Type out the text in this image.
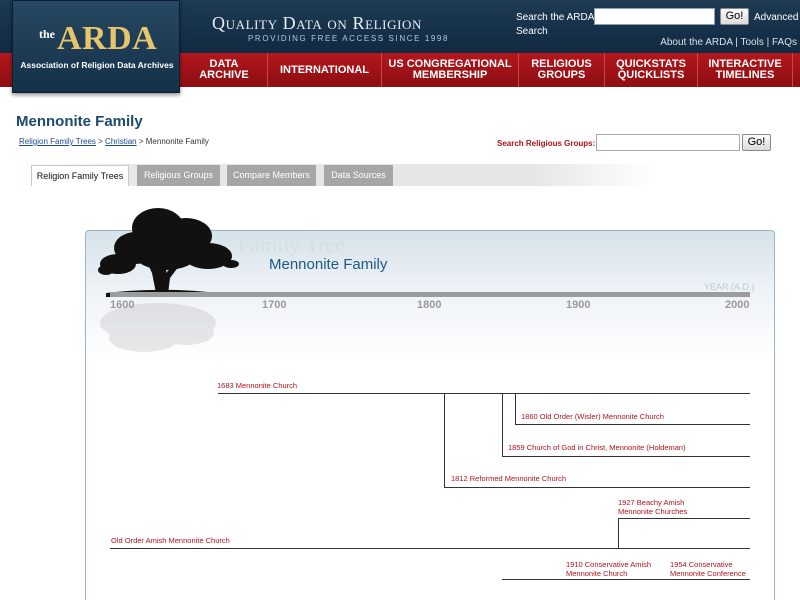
the ARDA
Association of Religion Data Archives
Quality Data on Religion
PROVIDING FREE ACCESS SINCE 1998
Search the ARDA
Search
Go!	Advanced
About the ARDA | Tools | FAQs
DATA
ARCHIVE	INTERNATIONAL US CONGREGATIONAL
MEMBERSHIP
RELIGIOUS
GROUPS
QUICKSTATS
QUICKLISTS
INTERACTIVE
TIMELINES
Mennonite Family
Religion Family Trees > Christian > Mennonite Family	Search Religious Groups:	Go!
Religion Family Trees	Religious Groups	Compare Members	Data Sources
Family Tree
Mennonite Family
YEAR (A.D.)
1600	1700	1800	1900	2000
1683 Mennonite Church
1860 Old Order (Wisler) Mennonite Church
1859 Church of God in Christ, Mennonite (Holdeman)
1812 Reformed Mennonite Church
1927 Beachy Amish
Mennonite Churches
Old Order Amish Mennonite Church
1910 Conservative Amish
Mennonite Church
1954 Conservative
Mennonite Conference
